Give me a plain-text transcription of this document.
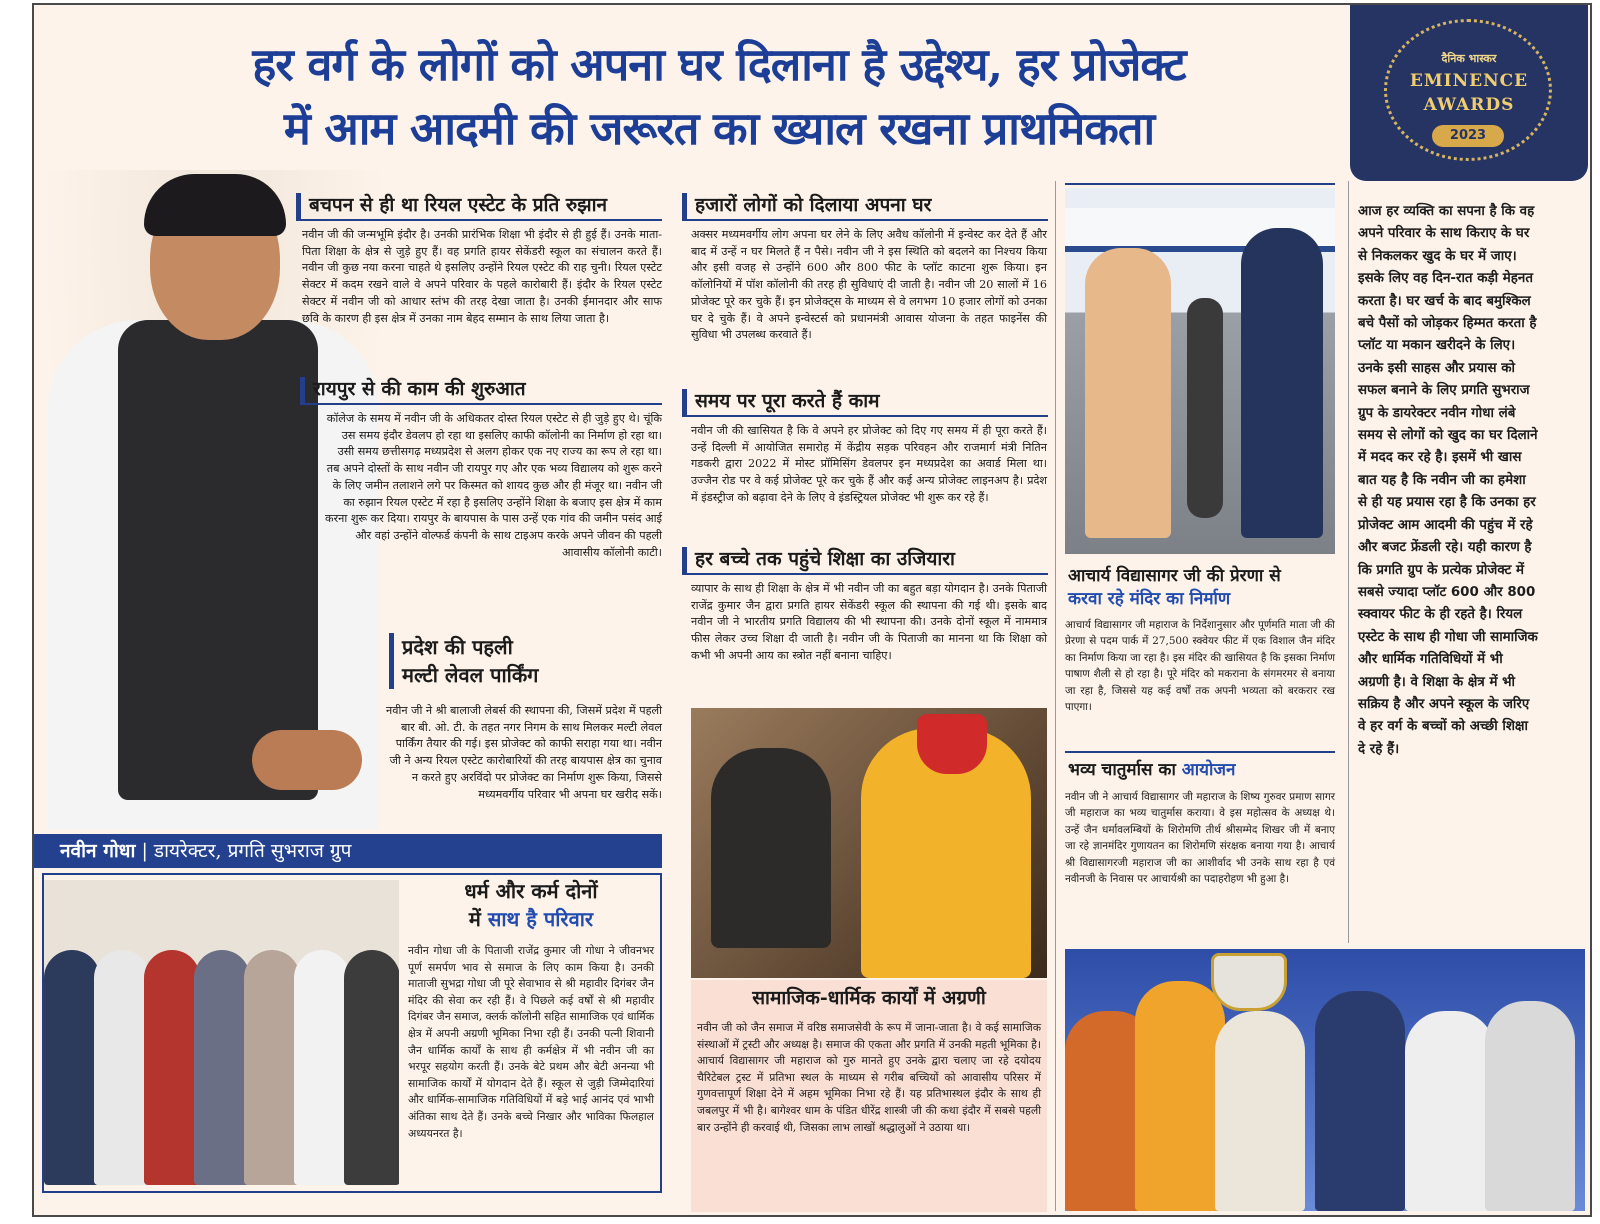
हर वर्ग के लोगों को अपना घर दिलाना है उद्देश्य, हर प्रोजेक्ट
में आम आदमी की जरूरत का ख्याल रखना प्राथमिकता
दैनिक भास्कर
EMINENCE
AWARDS
2023
बचपन से ही था रियल एस्टेट के प्रति रुझान
नवीन जी की जन्मभूमि इंदौर है। उनकी प्रारंभिक शिक्षा भी इंदौर से ही हुई हैं। उनके माता-पिता शिक्षा के क्षेत्र से जुड़े हुए हैं। वह प्रगति हायर सेकेंडरी स्कूल का संचालन करते हैं। नवीन जी कुछ नया करना चाहते थे इसलिए उन्होंने रियल एस्टेट की राह चुनी। रियल एस्टेट सेक्टर में कदम रखने वाले वे अपने परिवार के पहले कारोबारी हैं। इंदौर के रियल एस्टेट सेक्टर में नवीन जी को आधार स्तंभ की तरह देखा जाता है। उनकी ईमानदार और साफ छवि के कारण ही इस क्षेत्र में उनका नाम बेहद सम्मान के साथ लिया जाता है।
रायपुर से की काम की शुरुआत
कॉलेज के समय में नवीन जी के अधिकतर दोस्त रियल एस्टेट से ही जुड़े हुए थे। चूंकि उस समय इंदौर डेवलप हो रहा था इसलिए काफी कॉलोनी का निर्माण हो रहा था। उसी समय छत्तीसगढ़ मध्यप्रदेश से अलग होकर एक नए राज्य का रूप ले रहा था। तब अपने दोस्तों के साथ नवीन जी रायपुर गए और एक भव्य विद्यालय को शुरू करने के लिए जमीन तलाशने लगे पर किस्मत को शायद कुछ और ही मंजूर था। नवीन जी का रुझान रियल एस्टेट में रहा है इसलिए उन्होंने शिक्षा के बजाए इस क्षेत्र में काम करना शुरू कर दिया। रायपुर के बायपास के पास उन्हें एक गांव की जमीन पसंद आई और वहां उन्होंने वोल्फर्ड कंपनी के साथ टाइअप करके अपने जीवन की पहली आवासीय कॉलोनी काटी।
प्रदेश की पहली
मल्टी लेवल पार्किंग
नवीन जी ने श्री बालाजी लेबर्स की स्थापना की, जिसमें प्रदेश में पहली बार बी. ओ. टी. के तहत नगर निगम के साथ मिलकर मल्टी लेवल पार्किंग तैयार की गई। इस प्रोजेक्ट को काफी सराहा गया था। नवीन जी ने अन्य रियल एस्टेट कारोबारियों की तरह बायपास क्षेत्र का चुनाव न करते हुए अरविंदो पर प्रोजेक्ट का निर्माण शुरू किया, जिससे मध्यमवर्गीय परिवार भी अपना घर खरीद सकें।
नवीन गोधा | डायरेक्टर, प्रगति सुभराज ग्रुप
धर्म और कर्म दोनों
में साथ है परिवार
नवीन गोधा जी के पिताजी राजेंद्र कुमार जी गोधा ने जीवनभर पूर्ण समर्पण भाव से समाज के लिए काम किया है। उनकी माताजी सुभद्रा गोधा जी पूरे सेवाभाव से श्री महावीर दिगंबर जैन मंदिर की सेवा कर रही हैं। वे पिछले कई वर्षों से श्री महावीर दिगंबर जैन समाज, क्लर्क कॉलोनी सहित सामाजिक एवं धार्मिक क्षेत्र में अपनी अग्रणी भूमिका निभा रही हैं। उनकी पत्नी शिवानी जैन धार्मिक कार्यों के साथ ही कर्मक्षेत्र में भी नवीन जी का भरपूर सहयोग करती हैं। उनके बेटे प्रथम और बेटी अनन्या भी सामाजिक कार्यों में योगदान देते हैं। स्कूल से जुड़ी जिम्मेदारियां और धार्मिक-सामाजिक गतिविधियों में बड़े भाई आनंद एवं भाभी अंतिका साथ देते हैं। उनके बच्चे निखार और भाविका फिलहाल अध्ययनरत है।
हजारों लोगों को दिलाया अपना घर
अक्सर मध्यमवर्गीय लोग अपना घर लेने के लिए अवैध कॉलोनी में इन्वेस्ट कर देते हैं और बाद में उन्हें न घर मिलते हैं न पैसे। नवीन जी ने इस स्थिति को बदलने का निश्चय किया और इसी वजह से उन्होंने 600 और 800 फीट के प्लॉट काटना शुरू किया। इन कॉलोनियों में पॉश कॉलोनी की तरह ही सुविधाएं दी जाती है। नवीन जी 20 सालों में 16 प्रोजेक्ट पूरे कर चुके हैं। इन प्रोजेक्ट्स के माध्यम से वे लगभग 10 हजार लोगों को उनका घर दे चुके हैं। वे अपने इन्वेस्टर्स को प्रधानमंत्री आवास योजना के तहत फाइनेंस की सुविधा भी उपलब्ध करवाते हैं।
समय पर पूरा करते हैं काम
नवीन जी की खासियत है कि वे अपने हर प्रोजेक्ट को दिए गए समय में ही पूरा करते हैं। उन्हें दिल्ली में आयोजित समारोह में केंद्रीय सड़क परिवहन और राजमार्ग मंत्री नितिन गडकरी द्वारा 2022 में मोस्ट प्रॉमिसिंग डेवलपर इन मध्यप्रदेश का अवार्ड मिला था। उज्जैन रोड पर वे कई प्रोजेक्ट पूरे कर चुके हैं और कई अन्य प्रोजेक्ट लाइनअप है। प्रदेश में इंडस्ट्रीज को बढ़ावा देने के लिए वे इंडस्ट्रियल प्रोजेक्ट भी शुरू कर रहे हैं।
हर बच्चे तक पहुंचे शिक्षा का उजियारा
व्यापार के साथ ही शिक्षा के क्षेत्र में भी नवीन जी का बहुत बड़ा योगदान है। उनके पिताजी राजेंद्र कुमार जैन द्वारा प्रगति हायर सेकेंडरी स्कूल की स्थापना की गई थी। इसके बाद नवीन जी ने भारतीय प्रगति विद्यालय की भी स्थापना की। उनके दोनों स्कूल में नाममात्र फीस लेकर उच्च शिक्षा दी जाती है। नवीन जी के पिताजी का मानना था कि शिक्षा को कभी भी अपनी आय का स्त्रोत नहीं बनाना चाहिए।
सामाजिक-धार्मिक कार्यों में अग्रणी
नवीन जी को जैन समाज में वरिष्ठ समाजसेवी के रूप में जाना-जाता है। वे कई सामाजिक संस्थाओं में ट्रस्टी और अध्यक्ष है। समाज की एकता और प्रगति में उनकी महती भूमिका है। आचार्य विद्यासागर जी महाराज को गुरु मानते हुए उनके द्वारा चलाए जा रहे दयोदय चैरिटेबल ट्रस्ट में प्रतिभा स्थल के माध्यम से गरीब बच्चियों को आवासीय परिसर में गुणवत्तापूर्ण शिक्षा देने में अहम भूमिका निभा रहे हैं। यह प्रतिभास्थल इंदौर के साथ ही जबलपुर में भी है। बागेश्वर धाम के पंडित धीरेंद्र शास्त्री जी की कथा इंदौर में सबसे पहली बार उन्होंने ही करवाई थी, जिसका लाभ लाखों श्रद्धालुओं ने उठाया था।
आचार्य विद्यासागर जी की प्रेरणा से
करवा रहे मंदिर का निर्माण
आचार्य विद्यासागर जी महाराज के निर्देशानुसार और पूर्णमति माता जी की प्रेरणा से पदम पार्क में 27,500 स्क्वेयर फीट में एक विशाल जैन मंदिर का निर्माण किया जा रहा है। इस मंदिर की खासियत है कि इसका निर्माण पाषाण शैली से हो रहा है। पूरे मंदिर को मकराना के संगमरमर से बनाया जा रहा है, जिससे यह कई वर्षों तक अपनी भव्यता को बरकरार रख पाएगा।
भव्य चातुर्मास का आयोजन
नवीन जी ने आचार्य विद्यासागर जी महाराज के शिष्य गुरुवर प्रमाण सागर जी महाराज का भव्य चातुर्मास कराया। वे इस महोत्सव के अध्यक्ष थे। उन्हें जैन धर्मावलम्बियों के शिरोमणि तीर्थ श्रीसम्मेद शिखर जी में बनाए जा रहे ज्ञानमंदिर गुणायतन का शिरोमणि संरक्षक बनाया गया है। आचार्य श्री विद्यासागरजी महाराज जी का आशीर्वाद भी उनके साथ रहा है एवं नवीनजी के निवास पर आचार्यश्री का पदाहरोहण भी हुआ है।
आज हर व्यक्ति का सपना है कि वह अपने परिवार के साथ किराए के घर से निकलकर खुद के घर में जाए। इसके लिए वह दिन-रात कड़ी मेहनत करता है। घर खर्च के बाद बमुश्किल बचे पैसों को जोड़कर हिम्मत करता है प्लॉट या मकान खरीदने के लिए। उनके इसी साहस और प्रयास को सफल बनाने के लिए प्रगति सुभराज ग्रुप के डायरेक्टर नवीन गोधा लंबे समय से लोगों को खुद का घर दिलाने में मदद कर रहे है। इसमें भी खास बात यह है कि नवीन जी का हमेशा से ही यह प्रयास रहा है कि उनका हर प्रोजेक्ट आम आदमी की पहुंच में रहे और बजट फ्रेंडली रहे। यही कारण है कि प्रगति ग्रुप के प्रत्येक प्रोजेक्ट में सबसे ज्यादा प्लॉट 600 और 800 स्क्वायर फीट के ही रहते है। रियल एस्टेट के साथ ही गोधा जी सामाजिक और धार्मिक गतिविधियों में भी अग्रणी है। वे शिक्षा के क्षेत्र में भी सक्रिय है और अपने स्कूल के जरिए वे हर वर्ग के बच्चों को अच्छी शिक्षा दे रहे हैं।
